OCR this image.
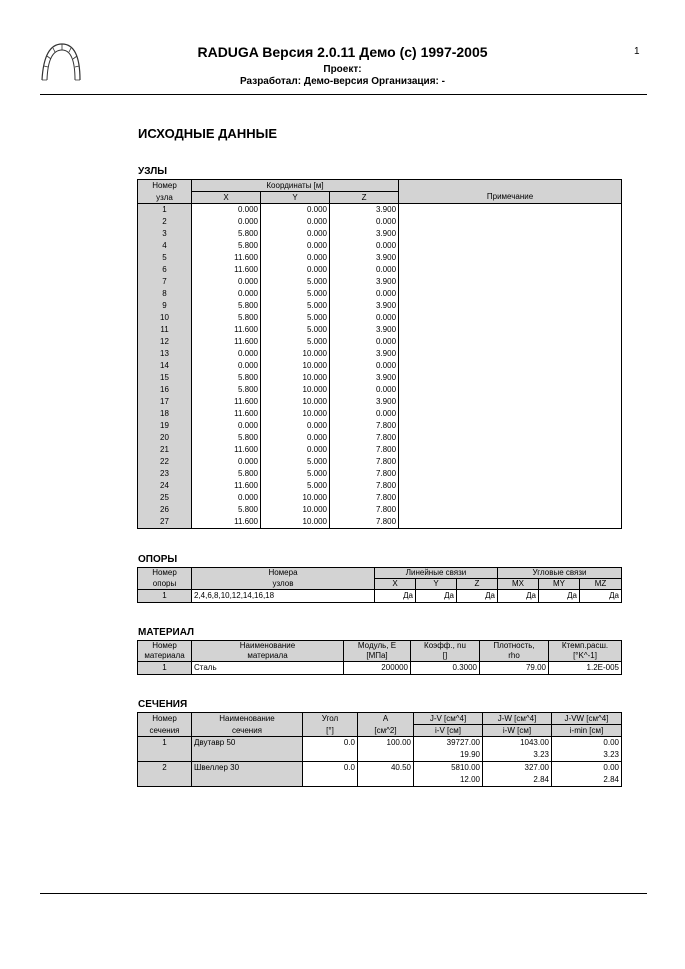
RADUGA Версия 2.0.11 Демо (с) 1997-2005
Проект:
Разработал: Демо-версия Организация: -
1
ИСХОДНЫЕ ДАННЫЕ
УЗЛЫ
Номер	Координаты [м]			Примечание

узла	X	Y	Z	
1	0.000	0.000	3.900	
2	0.000	0.000	0.000	
3	5.800	0.000	3.900	
4	5.800	0.000	0.000	
5	11.600	0.000	3.900	
6	11.600	0.000	0.000	
7	0.000	5.000	3.900	
8	0.000	5.000	0.000	
9	5.800	5.000	3.900	
10	5.800	5.000	0.000	
11	11.600	5.000	3.900	
12	11.600	5.000	0.000	
13	0.000	10.000	3.900	
14	0.000	10.000	0.000	
15	5.800	10.000	3.900	
16	5.800	10.000	0.000	
17	11.600	10.000	3.900	
18	11.600	10.000	0.000	
19	0.000	0.000	7.800	
20	5.800	0.000	7.800	
21	11.600	0.000	7.800	
22	0.000	5.000	7.800	
23	5.800	5.000	7.800	
24	11.600	5.000	7.800	
25	0.000	10.000	7.800	
26	5.800	10.000	7.800	
27	11.600	10.000	7.800	
ОПОРЫ
Номер	Номера	Линейные связи			Угловые связи		
опоры	узлов	X	Y	Z	MX	MY	MZ
1	2,4,6,8,10,12,14,16,18	Да	Да	Да	Да	Да	Да
МАТЕРИАЛ
Номер	Наименование	Модуль, E	Коэфф., nu	Плотность,	Ктемп.расш.
материала	материала	[МПа]	[]	rho	[°K^-1]
1	Сталь	200000	0.3000	79.00	1.2E-005
СЕЧЕНИЯ
Номер	Наименование	Угол	A	J-V [см^4]	J-W [см^4]	J-VW [см^4]
сечения	сечения	[°]	[см^2]	i-V [см]	i-W [см]	i-min [см]
1	Двутавр 50	0.0	100.00	39727.00	1043.00	0.00
				19.90	3.23	3.23
2	Швеллер 30	0.0	40.50	5810.00	327.00	0.00
				12.00	2.84	2.84
